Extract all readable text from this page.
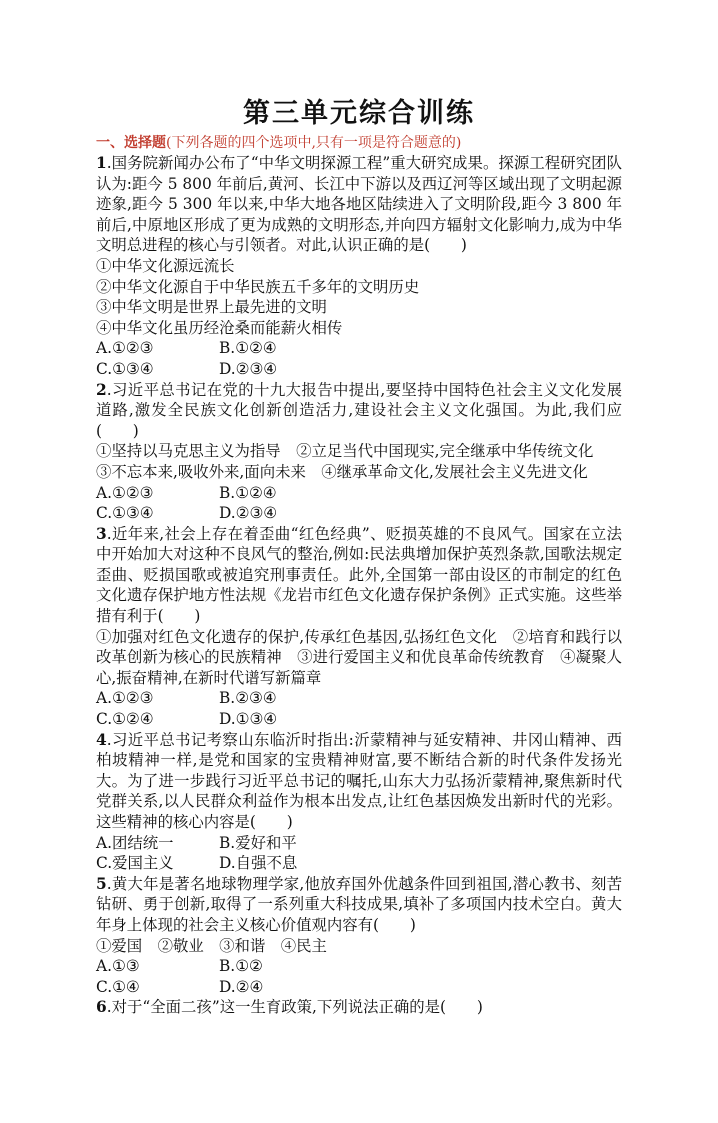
第三单元综合训练
一、选择题(下列各题的四个选项中,只有一项是符合题意的)
1.国务院新闻办公布了“中华文明探源工程”重大研究成果。探源工程研究团队认为:距今 5 800 年前后,黄河、长江中下游以及西辽河等区域出现了文明起源迹象,距今 5 300 年以来,中华大地各地区陆续进入了文明阶段,距今 3 800 年前后,中原地区形成了更为成熟的文明形态,并向四方辐射文化影响力,成为中华文明总进程的核心与引领者。对此,认识正确的是(　　)
①中华文化源远流长
②中华文化源自于中华民族五千多年的文明历史
③中华文明是世界上最先进的文明
④中华文化虽历经沧桑而能薪火相传
A.①②③	B.①②④
C.①③④	D.②③④
2.习近平总书记在党的十九大报告中提出,要坚持中国特色社会主义文化发展道路,激发全民族文化创新创造活力,建设社会主义文化强国。为此,我们应(　　)
①坚持以马克思主义为指导　②立足当代中国现实,完全继承中华传统文化
③不忘本来,吸收外来,面向未来　④继承革命文化,发展社会主义先进文化
A.①②③	B.①②④
C.①③④	D.②③④
3.近年来,社会上存在着歪曲“红色经典”、贬损英雄的不良风气。国家在立法中开始加大对这种不良风气的整治,例如:民法典增加保护英烈条款,国歌法规定歪曲、贬损国歌或被追究刑事责任。此外,全国第一部由设区的市制定的红色文化遗存保护地方性法规《龙岩市红色文化遗存保护条例》正式实施。这些举措有利于(　　)
①加强对红色文化遗存的保护,传承红色基因,弘扬红色文化　②培育和践行以改革创新为核心的民族精神　③进行爱国主义和优良革命传统教育　④凝聚人心,振奋精神,在新时代谱写新篇章
A.①②③	B.②③④
C.①②④	D.①③④
4.习近平总书记考察山东临沂时指出:沂蒙精神与延安精神、井冈山精神、西柏坡精神一样,是党和国家的宝贵精神财富,要不断结合新的时代条件发扬光大。为了进一步践行习近平总书记的嘱托,山东大力弘扬沂蒙精神,聚焦新时代党群关系,以人民群众利益作为根本出发点,让红色基因焕发出新时代的光彩。这些精神的核心内容是(　　)
A.团结统一	B.爱好和平
C.爱国主义	D.自强不息
5.黄大年是著名地球物理学家,他放弃国外优越条件回到祖国,潜心教书、刻苦钻研、勇于创新,取得了一系列重大科技成果,填补了多项国内技术空白。黄大年身上体现的社会主义核心价值观内容有(　　)
①爱国　②敬业　③和谐　④民主
A.①③	B.①②
C.①④	D.②④
6.对于“全面二孩”这一生育政策,下列说法正确的是(　　)
